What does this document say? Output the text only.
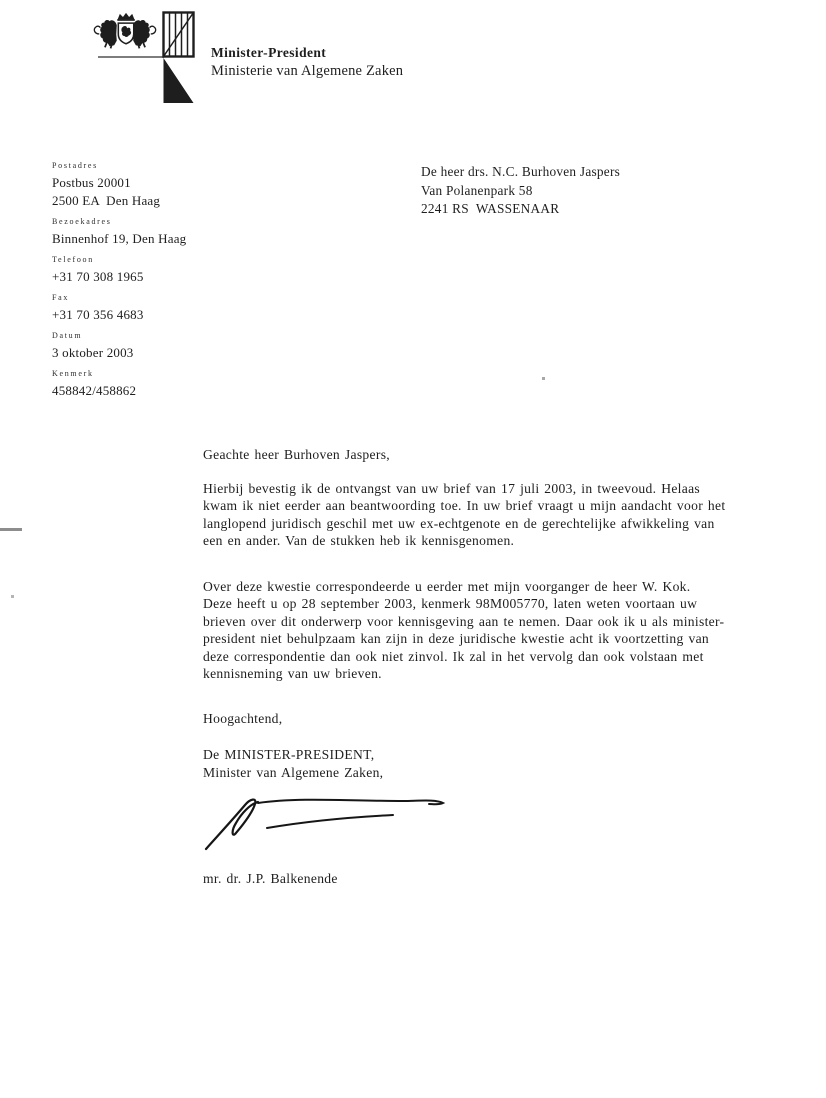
Minister-President
Ministerie van Algemene Zaken
Postadres
Postbus 20001
2500 EA  Den Haag
Bezoekadres
Binnenhof 19, Den Haag
Telefoon
+31 70 308 1965
Fax
+31 70 356 4683
Datum
3 oktober 2003
Kenmerk
458842/458862
De heer drs. N.C. Burhoven Jaspers
Van Polanenpark 58
2241 RS  WASSENAAR
Geachte heer Burhoven Jaspers,
Hierbij bevestig ik de ontvangst van uw brief van 17 juli 2003, in tweevoud. Helaas
kwam ik niet eerder aan beantwoording toe. In uw brief vraagt u mijn aandacht voor het
langlopend juridisch geschil met uw ex-echtgenote en de gerechtelijke afwikkeling van
een en ander. Van de stukken heb ik kennisgenomen.
Over deze kwestie correspondeerde u eerder met mijn voorganger de heer W. Kok.
Deze heeft u op 28 september 2003, kenmerk 98M005770, laten weten voortaan uw
brieven over dit onderwerp voor kennisgeving aan te nemen. Daar ook ik u als minister-
president niet behulpzaam kan zijn in deze juridische kwestie acht ik voortzetting van
deze correspondentie dan ook niet zinvol. Ik zal in het vervolg dan ook volstaan met
kennisneming van uw brieven.
Hoogachtend,
De MINISTER-PRESIDENT,
Minister van Algemene Zaken,
mr. dr. J.P. Balkenende
